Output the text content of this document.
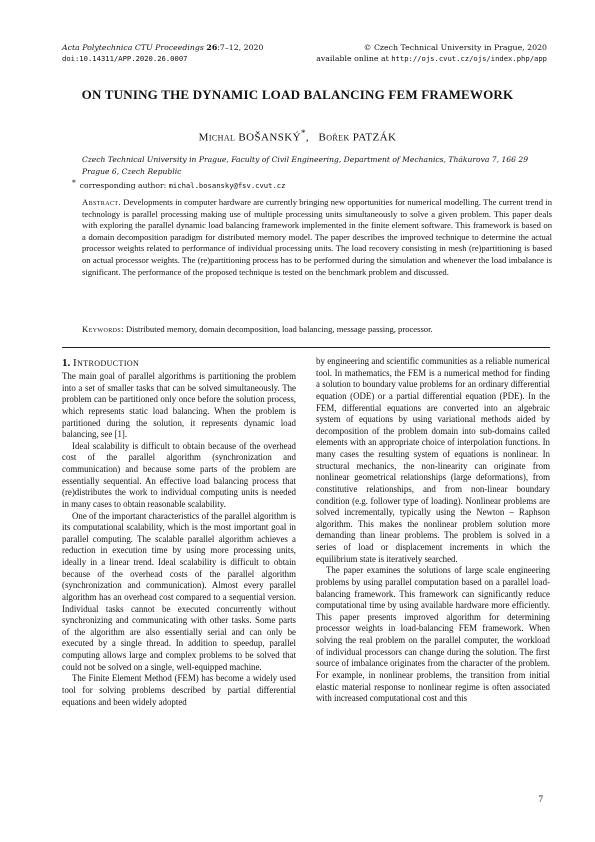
Acta Polytechnica CTU Proceedings 26:7–12, 2020
doi:10.14311/APP.2020.26.0007
© Czech Technical University in Prague, 2020
available online at http://ojs.cvut.cz/ojs/index.php/app
ON TUNING THE DYNAMIC LOAD BALANCING FEM FRAMEWORK
Michal BOŠANSKÝ*,   Bořek PATZÁK
Czech Technical University in Prague, Faculty of Civil Engineering, Department of Mechanics, Thákurova 7, 166 29 Prague 6, Czech Republic
* corresponding author: michal.bosansky@fsv.cvut.cz
Abstract. Developments in computer hardware are currently bringing new opportunities for numerical modelling. The current trend in technology is parallel processing making use of multiple processing units simultaneously to solve a given problem. This paper deals with exploring the parallel dynamic load balancing framework implemented in the finite element software. This framework is based on a domain decomposition paradigm for distributed memory model. The paper describes the improved technique to determine the actual processor weights related to performance of individual processing units. The load recovery consisting in mesh (re)partitioning is based on actual processor weights. The (re)partitioning process has to be performed during the simulation and whenever the load imbalance is significant. The performance of the proposed technique is tested on the benchmark problem and discussed.
Keywords: Distributed memory, domain decomposition, load balancing, message passing, processor.
1. Introduction

The main goal of parallel algorithms is partitioning the problem into a set of smaller tasks that can be solved simultaneously. The problem can be partitioned only once before the solution process, which represents static load balancing. When the problem is partitioned during the solution, it represents dynamic load balancing, see [1].

Ideal scalability is difficult to obtain because of the overhead cost of the parallel algorithm (synchronization and communication) and because some parts of the problem are essentially sequential. An effective load balancing process that (re)distributes the work to individual computing units is needed in many cases to obtain reasonable scalability.

One of the important characteristics of the parallel algorithm is its computational scalability, which is the most important goal in parallel computing. The scalable parallel algorithm achieves a reduction in execution time by using more processing units, ideally in a linear trend. Ideal scalability is difficult to obtain because of the overhead costs of the parallel algorithm (synchronization and communication). Almost every parallel algorithm has an overhead cost compared to a sequential version. Individual tasks cannot be executed concurrently without synchronizing and communicating with other tasks. Some parts of the algorithm are also essentially serial and can only be executed by a single thread. In addition to speedup, parallel computing allows large and complex problems to be solved that could not be solved on a single, well-equipped machine.

The Finite Element Method (FEM) has become a widely used tool for solving problems described by partial differential equations and been widely adopted

by engineering and scientific communities as a reliable numerical tool. In mathematics, the FEM is a numerical method for finding a solution to boundary value problems for an ordinary differential equation (ODE) or a partial differential equation (PDE). In the FEM, differential equations are converted into an algebraic system of equations by using variational methods aided by decomposition of the problem domain into sub-domains called elements with an appropriate choice of interpolation functions. In many cases the resulting system of equations is nonlinear. In structural mechanics, the non-linearity can originate from nonlinear geometrical relationships (large deformations), from constitutive relationships, and from non-linear boundary condition (e.g. follower type of loading). Nonlinear problems are solved incrementally, typically using the Newton – Raphson algorithm. This makes the nonlinear problem solution more demanding than linear problems. The problem is solved in a series of load or displacement increments in which the equilibrium state is iteratively searched.

The paper examines the solutions of large scale engineering problems by using parallel computation based on a parallel load-balancing framework. This framework can significantly reduce computational time by using available hardware more efficiently. This paper presents improved algorithm for determining processor weights in load-balancing FEM framework. When solving the real problem on the parallel computer, the workload of individual processors can change during the solution. The first source of imbalance originates from the character of the problem. For example, in nonlinear problems, the transition from initial elastic material response to nonlinear regime is often associated with increased computational cost and this

7
